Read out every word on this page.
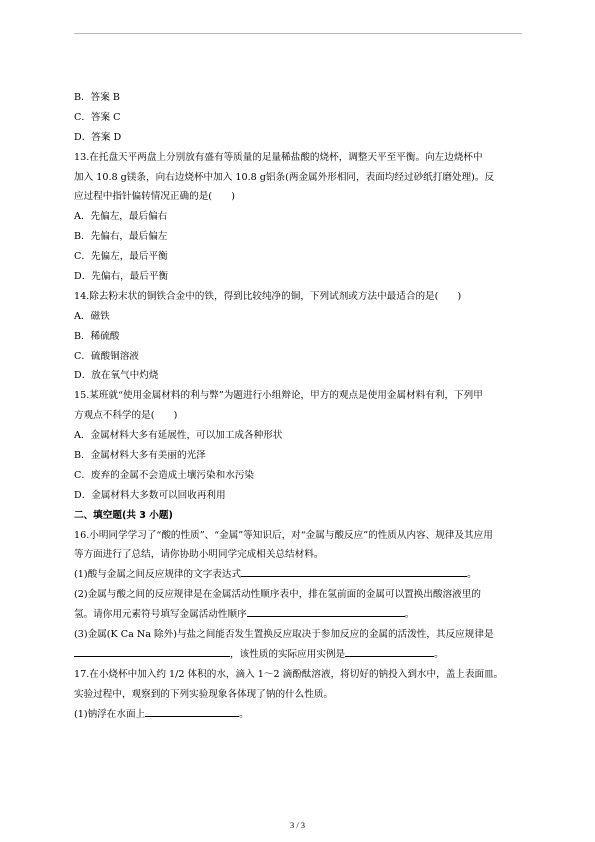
B．答案 B
C．答案 C
D．答案 D
13.在托盘天平两盘上分别放有盛有等质量的足量稀盐酸的烧杯，调整天平至平衡。向左边烧杯中
加入 10.8 g镁条，向右边烧杯中加入 10.8 g铝条(两金属外形相同，表面均经过砂纸打磨处理)。反
应过程中指针偏转情况正确的是(　　)
A．先偏左，最后偏右
B．先偏右，最后偏左
C．先偏左，最后平衡
D．先偏右，最后平衡
14.除去粉末状的铜铁合金中的铁，得到比较纯净的铜，下列试剂或方法中最适合的是(　　)
A．磁铁
B．稀硫酸
C．硫酸铜溶液
D．放在氧气中灼烧
15.某班就“使用金属材料的利与弊”为题进行小组辩论，甲方的观点是使用金属材料有利，下列甲
方观点不科学的是(　　)
A．金属材料大多有延展性，可以加工成各种形状
B．金属材料大多有美丽的光泽
C．废弃的金属不会造成土壤污染和水污染
D．金属材料大多数可以回收再利用
二、填空题(共 3 小题)
16.小明同学学习了“酸的性质”、“金属”等知识后，对“金属与酸反应”的性质从内容、规律及其应用
等方面进行了总结，请你协助小明同学完成相关总结材料。
(1)酸与金属之间反应规律的文字表达式	。
(2)金属与酸之间的反应规律是在金属活动性顺序表中，排在氢前面的金属可以置换出酸溶液里的
氢。请你用元素符号填写金属活动性顺序	。
(3)金属(K Ca Na 除外)与盐之间能否发生置换反应取决于参加反应的金属的活泼性，其反应规律是
，该性质的实际应用实例是	。
17.在小烧杯中加入约 1/2 体积的水，滴入 1～2 滴酚酞溶液，将切好的钠投入到水中，盖上表面皿。
实验过程中，观察到的下列实验现象各体现了钠的什么性质。
(1)钠浮在水面上	。
3 / 3
